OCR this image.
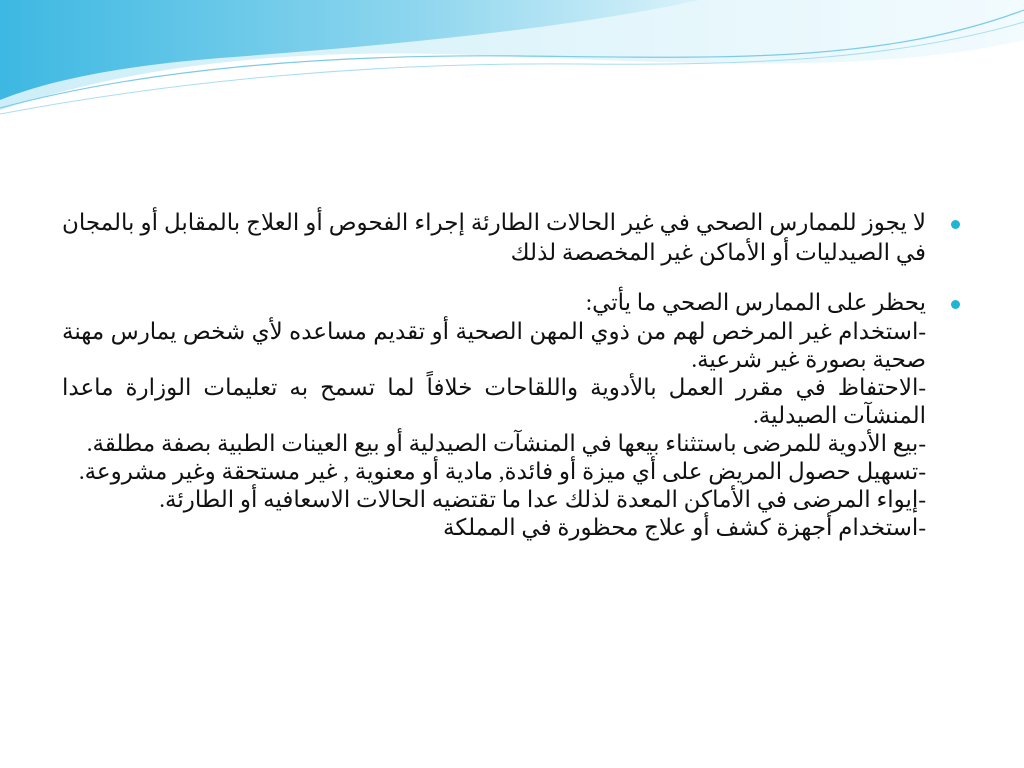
لا يجوز للممارس الصحي في غير الحالات الطارئة إجراء الفحوص أو العلاج بالمقابل أو بالمجان في الصيدليات أو الأماكن غير المخصصة لذلك
يحظر على الممارس الصحي ما يأتي:
-استخدام غير المرخص لهم من ذوي المهن الصحية أو تقديم مساعده لأي شخص يمارس مهنة صحية بصورة غير شرعية.
-الاحتفاظ في مقرر العمل بالأدوية واللقاحات خلافاً لما تسمح به تعليمات الوزارة ماعدا المنشآت الصيدلية.
-بيع الأدوية للمرضى باستثناء بيعها في المنشآت الصيدلية أو بيع العينات الطبية بصفة مطلقة.
-تسهيل حصول المريض على أي ميزة أو فائدة, مادية أو معنوية , غير مستحقة وغير مشروعة.
-إيواء المرضى في الأماكن المعدة لذلك عدا ما تقتضيه الحالات الاسعافيه أو الطارئة.
-استخدام أجهزة كشف أو علاج محظورة في المملكة
